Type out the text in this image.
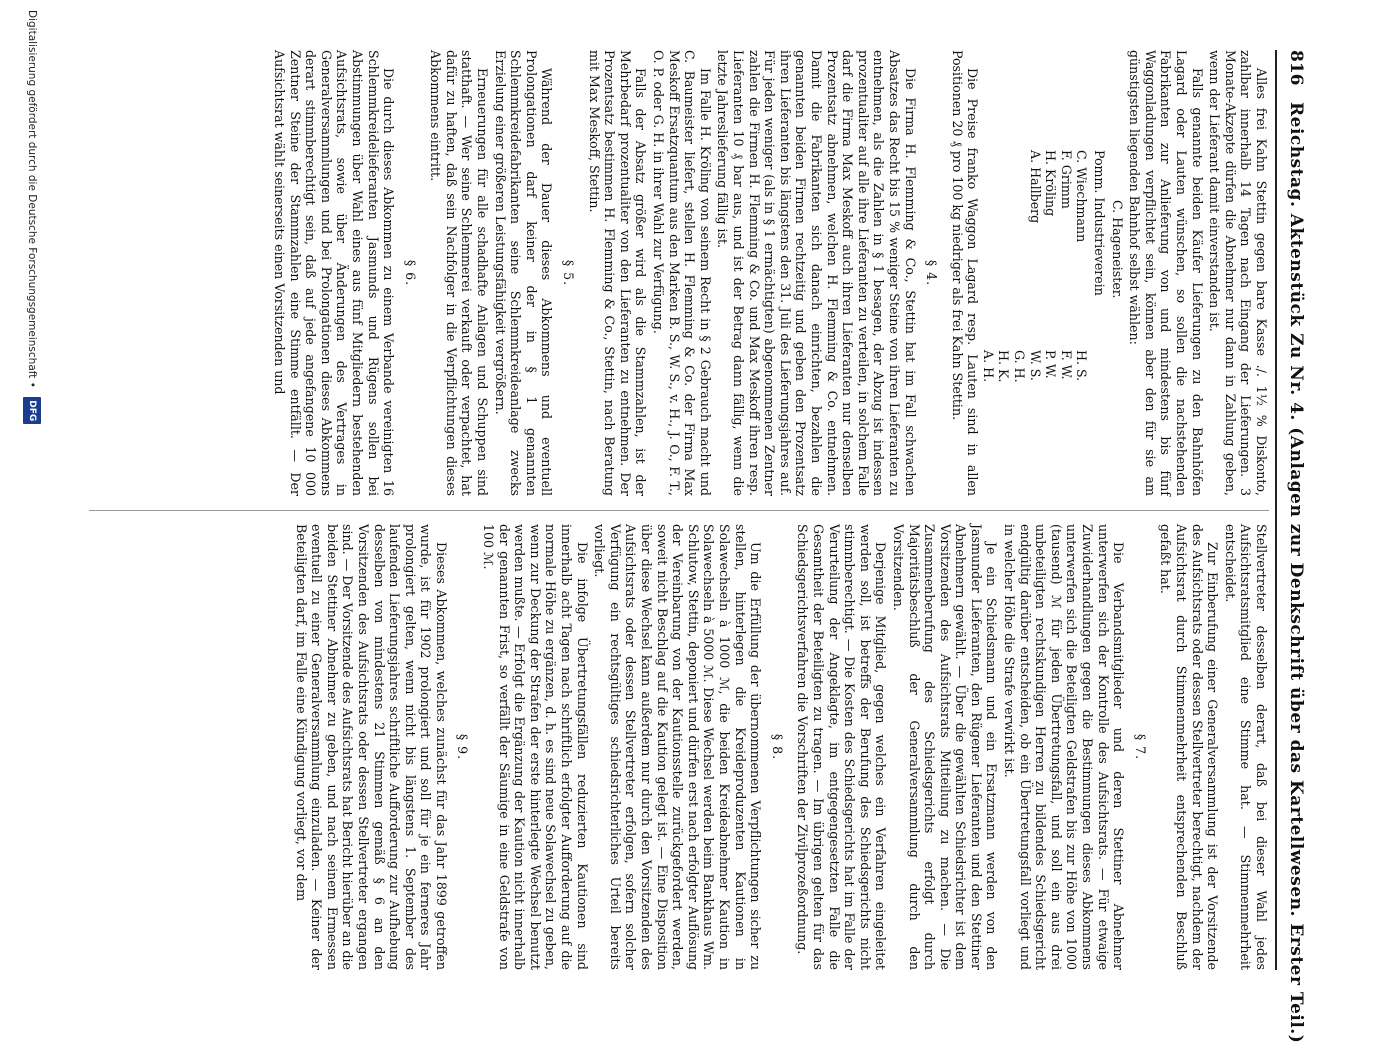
816
Reichstag. Aktenstück Zu Nr. 4. (Anlagen zur Denkschrift über das Kartellwesen. Erster Teil.)

Alles frei Kahn Stettin gegen bare Kasse ./. 1½ % Diskonto, zahlbar innerhalb 14 Tagen nach Eingang der Lieferungen. 3 Monate-Akzepte dürfen die Abnehmer nur dann in Zahlung geben, wenn der Lieferant damit einverstanden ist.

Falls genannte beiden Käufer Lieferungen zu den Bahnhöfen Lagard oder Lauten wünschen, so sollen die nachstehenden Fabrikanten zur Anlieferung von und mindestens bis fünf Waggonladungen verpflichtet sein, können aber den für sie am günstigsten liegenden Bahnhof selbst wählen:

C. Hageneister.

Pomm. Industrieverein

C. Wiechmann
H. S.
F. Grimm
F. W.
H. Kröling
P. W.
A. Hallberg
W. S.
G. H.
H. K.
A. H.

Die Preise franko Waggon Lagard resp. Lauten sind in allen Positionen 20 ₰ pro 100 kg niedriger als frei Kahn Stettin.

§ 4.

Die Firma H. Flemming & Co., Stettin hat im Fall schwachen Absatzes das Recht bis 15 % weniger Steine von ihren Lieferanten zu entnehmen, als die Zahlen in § 1 besagen, der Abzug ist indessen prozentualiter auf alle ihre Lieferanten zu verteilen, in solchem Falle darf die Firma Max Meskoff auch ihren Lieferanten nur denselben Prozentsatz abnehmen, welchen H. Flemming & Co. entnehmen. Damit die Fabrikanten sich danach einrichten, bezahlen die genannten beiden Firmen rechtzeitig und geben den Prozentsatz ihren Lieferanten bis längstens den 31. Juli des Lieferungsjahres auf. Für jeden weniger (als in § 1 ermächtigten) abgenommenen Zentner zahlen die Firmen H. Flemming & Co. und Max Meskoff ihren resp. Lieferanten 10 ₰ bar aus, und ist der Betrag dann fällig, wenn die letzte Jahreslieferung fällig ist.

Im Falle H. Kröling von seinem Recht in § 2 Gebrauch macht und C. Baumeister liefert, stellen H. Flemming & Co. der Firma Max Meskoff Ersatzquantum aus den Marken B. S., W. S., v. H., J. O., F. T., O. P. oder G. H. in ihrer Wahl zur Verfügung.

Falls der Absatz größer wird als die Stammzahlen, ist der Mehrbedarf prozentualiter von den Lieferanten zu entnehmen. Der Prozentsatz bestimmen H. Flemming & Co., Stettin, nach Beratung mit Max Meskoff, Stettin.

§ 5.

Während der Dauer dieses Abkommens und eventuell Prolongationen darf keiner der in § 1 genannten Schlemmkreidefabrikanten seine Schlemmkreideanlage zwecks Erzielung einer größeren Leistungsfähigkeit vergrößern.

Erneuerungen für alle schadhafte Anlagen und Schuppen sind statthaft. — Wer seine Schlemmerei verkauft oder verpachtet, hat dafür zu haften, daß sein Nachfolger in die Verpflichtungen dieses Abkommens eintritt.

§ 6.

Die durch dieses Abkommen zu einem Verbande vereinigten 16 Schlemmkreidelieferanten Jasmunds und Rügens sollen bei Abstimmungen über Wahl eines aus fünf Mitgliedern bestehenden Aufsichtsrats, sowie über Änderungen des Vertrages in Generalversammlungen und bei Prolongationen dieses Abkommens derart stimmberechtigt sein, daß auf jede angefangene 10 000 Zentner Steine der Stammzahlen eine Stimme entfällt. — Der Aufsichtsrat wählt seinerseits einen Vorsitzenden und

Stellvertreter desselben derart, daß bei dieser Wahl jedes Aufsichtsratsmitglied eine Stimme hat. — Stimmenmehrheit entscheidet.

Zur Einberufung einer Generalversammlung ist der Vorsitzende des Aufsichtsrats oder dessen Stellvertreter berechtigt, nachdem der Aufsichtsrat durch Stimmenmehrheit entsprechenden Beschluß gefaßt hat.

§ 7.

Die Verbandsmitglieder und deren Stettiner Abnehmer unterwerfen sich der Kontrolle des Aufsichtsrats. — Für etwaige Zuwiderhandlungen gegen die Bestimmungen dieses Abkommens unterwerfen sich die Beteiligten Geldstrafen bis zur Höhe von 1000 (tausend) ℳ für jeden Übertretungsfall, und soll ein aus drei unbeteiligten rechtskundigen Herren zu bildendes Schiedsgericht endgültig darüber entscheiden, ob ein Übertretungsfall vorliegt und in welcher Höhe die Strafe verwirkt ist.

Je ein Schiedsmann und ein Ersatzmann werden von den Jasmunder Lieferanten, den Rügener Lieferanten und den Stettiner Abnehmern gewählt. — Über die gewählten Schiedsrichter ist dem Vorsitzenden des Aufsichtsrats Mitteilung zu machen. — Die Zusammenberufung des Schiedsgerichts erfolgt durch Majoritätsbeschluß der Generalversammlung durch den Vorsitzenden.

Derjenige Mitglied, gegen welches ein Verfahren eingeleitet werden soll, ist betreffs der Berufung des Schiedsgerichts nicht stimmberechtigt. — Die Kosten des Schiedsgerichts hat im Falle der Verurteilung der Angeklagte, im entgegengesetzten Falle die Gesamtheit der Beteiligten zu tragen. — Im übrigen gelten für das Schiedsgerichtsverfahren die Vorschriften der Zivilprozeßordnung.

§ 8.

Um die Erfüllung der übernommenen Verpflichtungen sicher zu stellen, hinterlegen die Kreideproduzenten Kautionen in Solawechseln à 1000 ℳ, die beiden Kreideabnehmer Kaution in Solawechseln à 5000 ℳ. Diese Wechsel werden beim Bankhaus Wm. Schlutow, Stettin, deponiert und dürfen erst nach erfolgter Auflösung der Vereinbarung von der Kautionsstelle zurückgefordert werden, soweit nicht Beschlag auf die Kaution gelegt ist. — Eine Disposition über diese Wechsel kann außerdem nur durch den Vorsitzenden des Aufsichtsrats oder dessen Stellvertreter erfolgen, sofern solcher Verfügung ein rechtsgültiges schiedsrichterliches Urteil bereits vorliegt.

Die infolge Übertretungsfällen reduzierten Kautionen sind innerhalb acht Tagen nach schriftlich erfolgter Aufforderung auf die normale Höhe zu ergänzen, d. h. es sind neue Solawechsel zu geben, wenn zur Deckung der Strafen der erste hinterlegte Wechsel benutzt werden mußte. — Erfolgt die Ergänzung der Kaution nicht innerhalb der genannten Frist, so verfällt der Säumige in eine Geldstrafe von 100 ℳ.

§ 9.

Dieses Abkommen, welches zunächst für das Jahr 1899 getroffen wurde, ist für 1902 prolongiert und soll für je ein ferneres Jahr prolongiert gelten, wenn nicht bis längstens 1. September des laufenden Lieferungsjahres schriftliche Aufforderung zur Aufhebung desselben von mindestens 21 Stimmen gemäß § 6 an den Vorsitzenden des Aufsichtsrats oder dessen Stellvertreter ergangen sind. — Der Vorsitzende des Aufsichtsrats hat Bericht hierüber an die beiden Stettiner Abnehmer zu geben, und nach seinem Ermessen eventuell zu einer Generalversammlung einzuladen. — Keiner der Beteiligten darf, im Falle eine Kündigung vorliegt, vor dem

Digitalisierung gefördert durch die Deutsche Forschungsgemeinschaft • DFG
